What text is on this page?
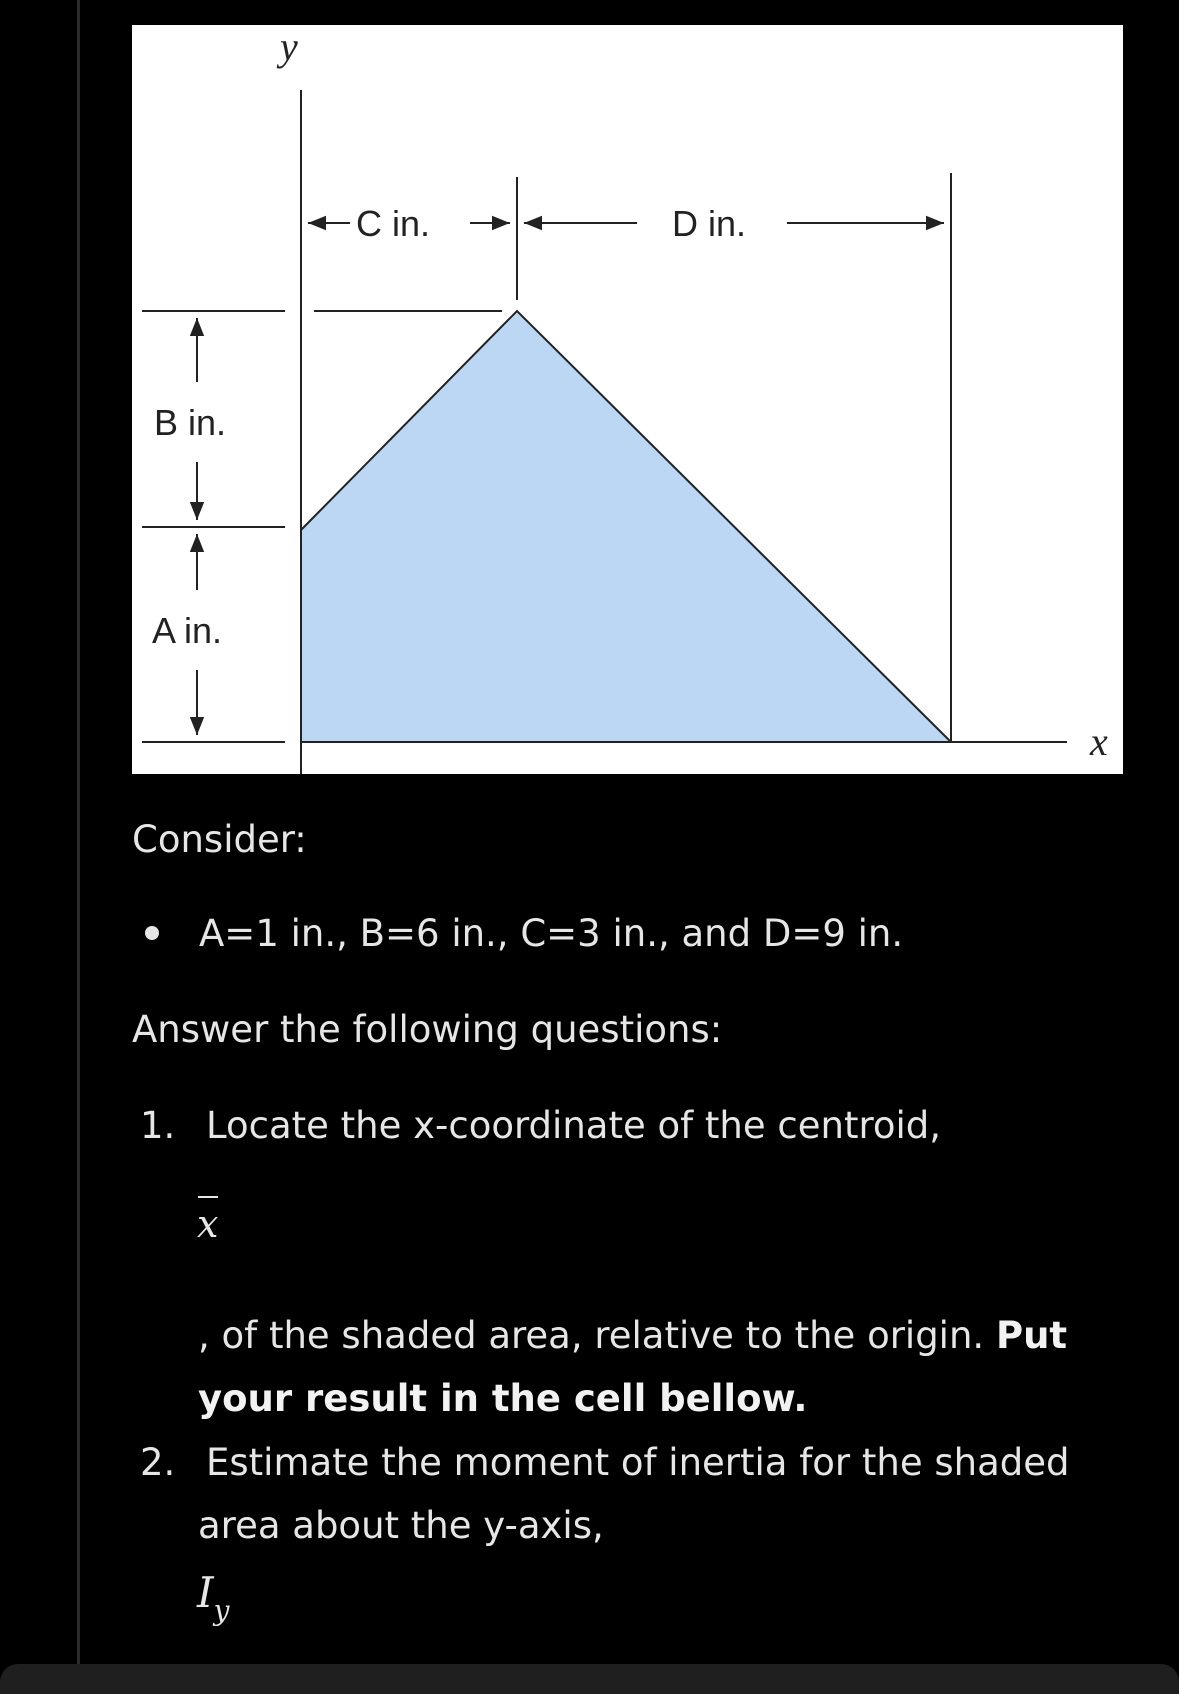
y
x
C in.	D in.
B in.
A in.
Consider:
A=1 in., B=6 in., C=3 in., and D=9 in.
Answer the following questions:
1. Locate the x-coordinate of the centroid,
x
, of the shaded area, relative to the origin. Put your result in the cell bellow.
2. Estimate the moment of inertia for the shaded
area about the y-axis,
$I_y$
